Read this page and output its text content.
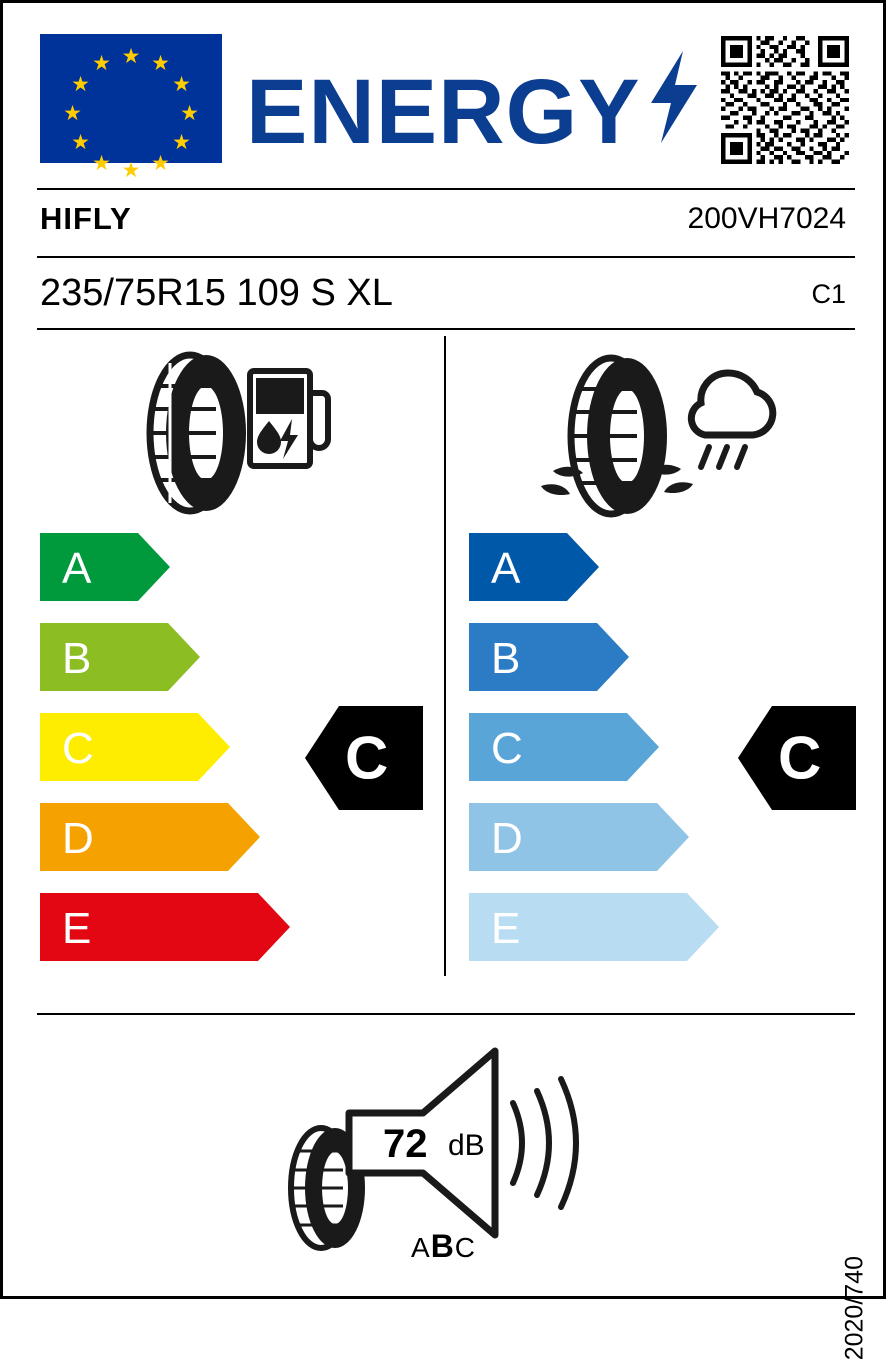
★ ★
★
★
★
★
★
★
★
★
★
★ ENERGY
HIFLY	200VH7024
235/75R15 109 S XL	C1
A
B
C
D
E
A
B
C
D
E
C	C
72 dB
ABC
2020/740
